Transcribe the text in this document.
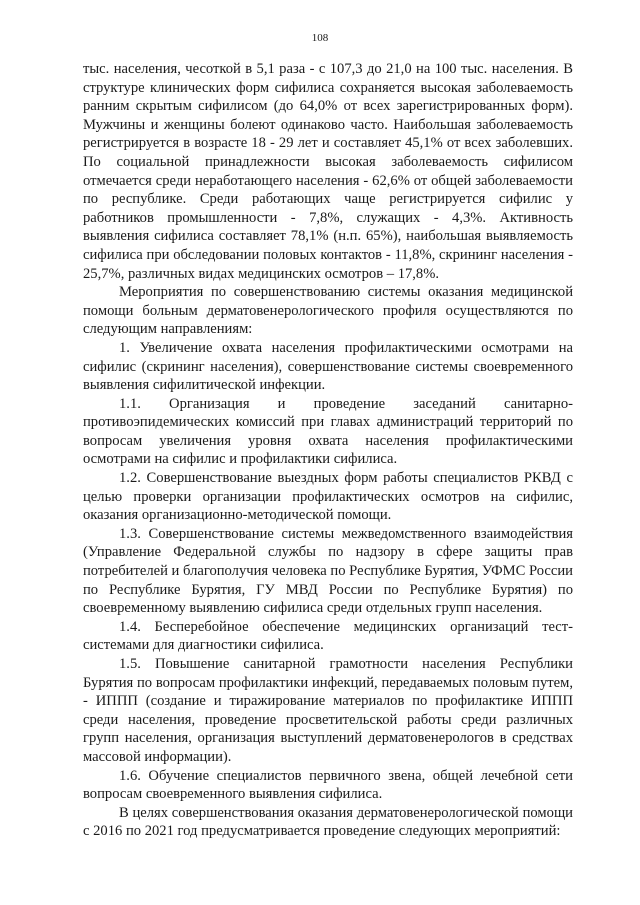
108

тыс. населения, чесоткой в 5,1 раза - с 107,3 до 21,0 на 100 тыс. населения. В структуре клинических форм сифилиса сохраняется высокая заболеваемость ранним скрытым сифилисом (до 64,0% от всех зарегистрированных форм). Мужчины и женщины болеют одинаково часто. Наибольшая заболеваемость регистрируется в возрасте 18 - 29 лет и составляет 45,1% от всех заболевших. По социальной принадлежности высокая заболеваемость сифилисом отмечается среди неработающего населения - 62,6% от общей заболеваемости по республике. Среди работающих чаще регистрируется сифилис у работников промышленности - 7,8%, служащих - 4,3%. Активность выявления сифилиса составляет 78,1% (н.п. 65%), наибольшая выявляемость сифилиса при обследовании половых контактов - 11,8%, скрининг населения - 25,7%, различных видах медицинских осмотров – 17,8%.

Мероприятия по совершенствованию системы оказания медицинской помощи больным дерматовенерологического профиля осуществляются по следующим направлениям:

1. Увеличение охвата населения профилактическими осмотрами на сифилис (скрининг населения), совершенствование системы своевременного выявления сифилитической инфекции.

1.1. Организация и проведение заседаний санитарно-противоэпидемических комиссий при главах администраций территорий по вопросам увеличения уровня охвата населения профилактическими осмотрами на сифилис и профилактики сифилиса.

1.2. Совершенствование выездных форм работы специалистов РКВД с целью проверки организации профилактических осмотров на сифилис, оказания организационно-методической помощи.

1.3. Совершенствование системы межведомственного взаимодействия (Управление Федеральной службы по надзору в сфере защиты прав потребителей и благополучия человека по Республике Бурятия, УФМС России по Республике Бурятия, ГУ МВД России по Республике Бурятия) по своевременному выявлению сифилиса среди отдельных групп населения.

1.4. Бесперебойное обеспечение медицинских организаций тест-системами для диагностики сифилиса.

1.5. Повышение санитарной грамотности населения Республики Бурятия по вопросам профилактики инфекций, передаваемых половым путем, - ИППП (создание и тиражирование материалов по профилактике ИППП среди населения, проведение просветительской работы среди различных групп населения, организация выступлений дерматовенерологов в средствах массовой информации).

1.6. Обучение специалистов первичного звена, общей лечебной сети вопросам своевременного выявления сифилиса.

В целях совершенствования оказания дерматовенерологической помощи с 2016 по 2021 год предусматривается проведение следующих мероприятий:
